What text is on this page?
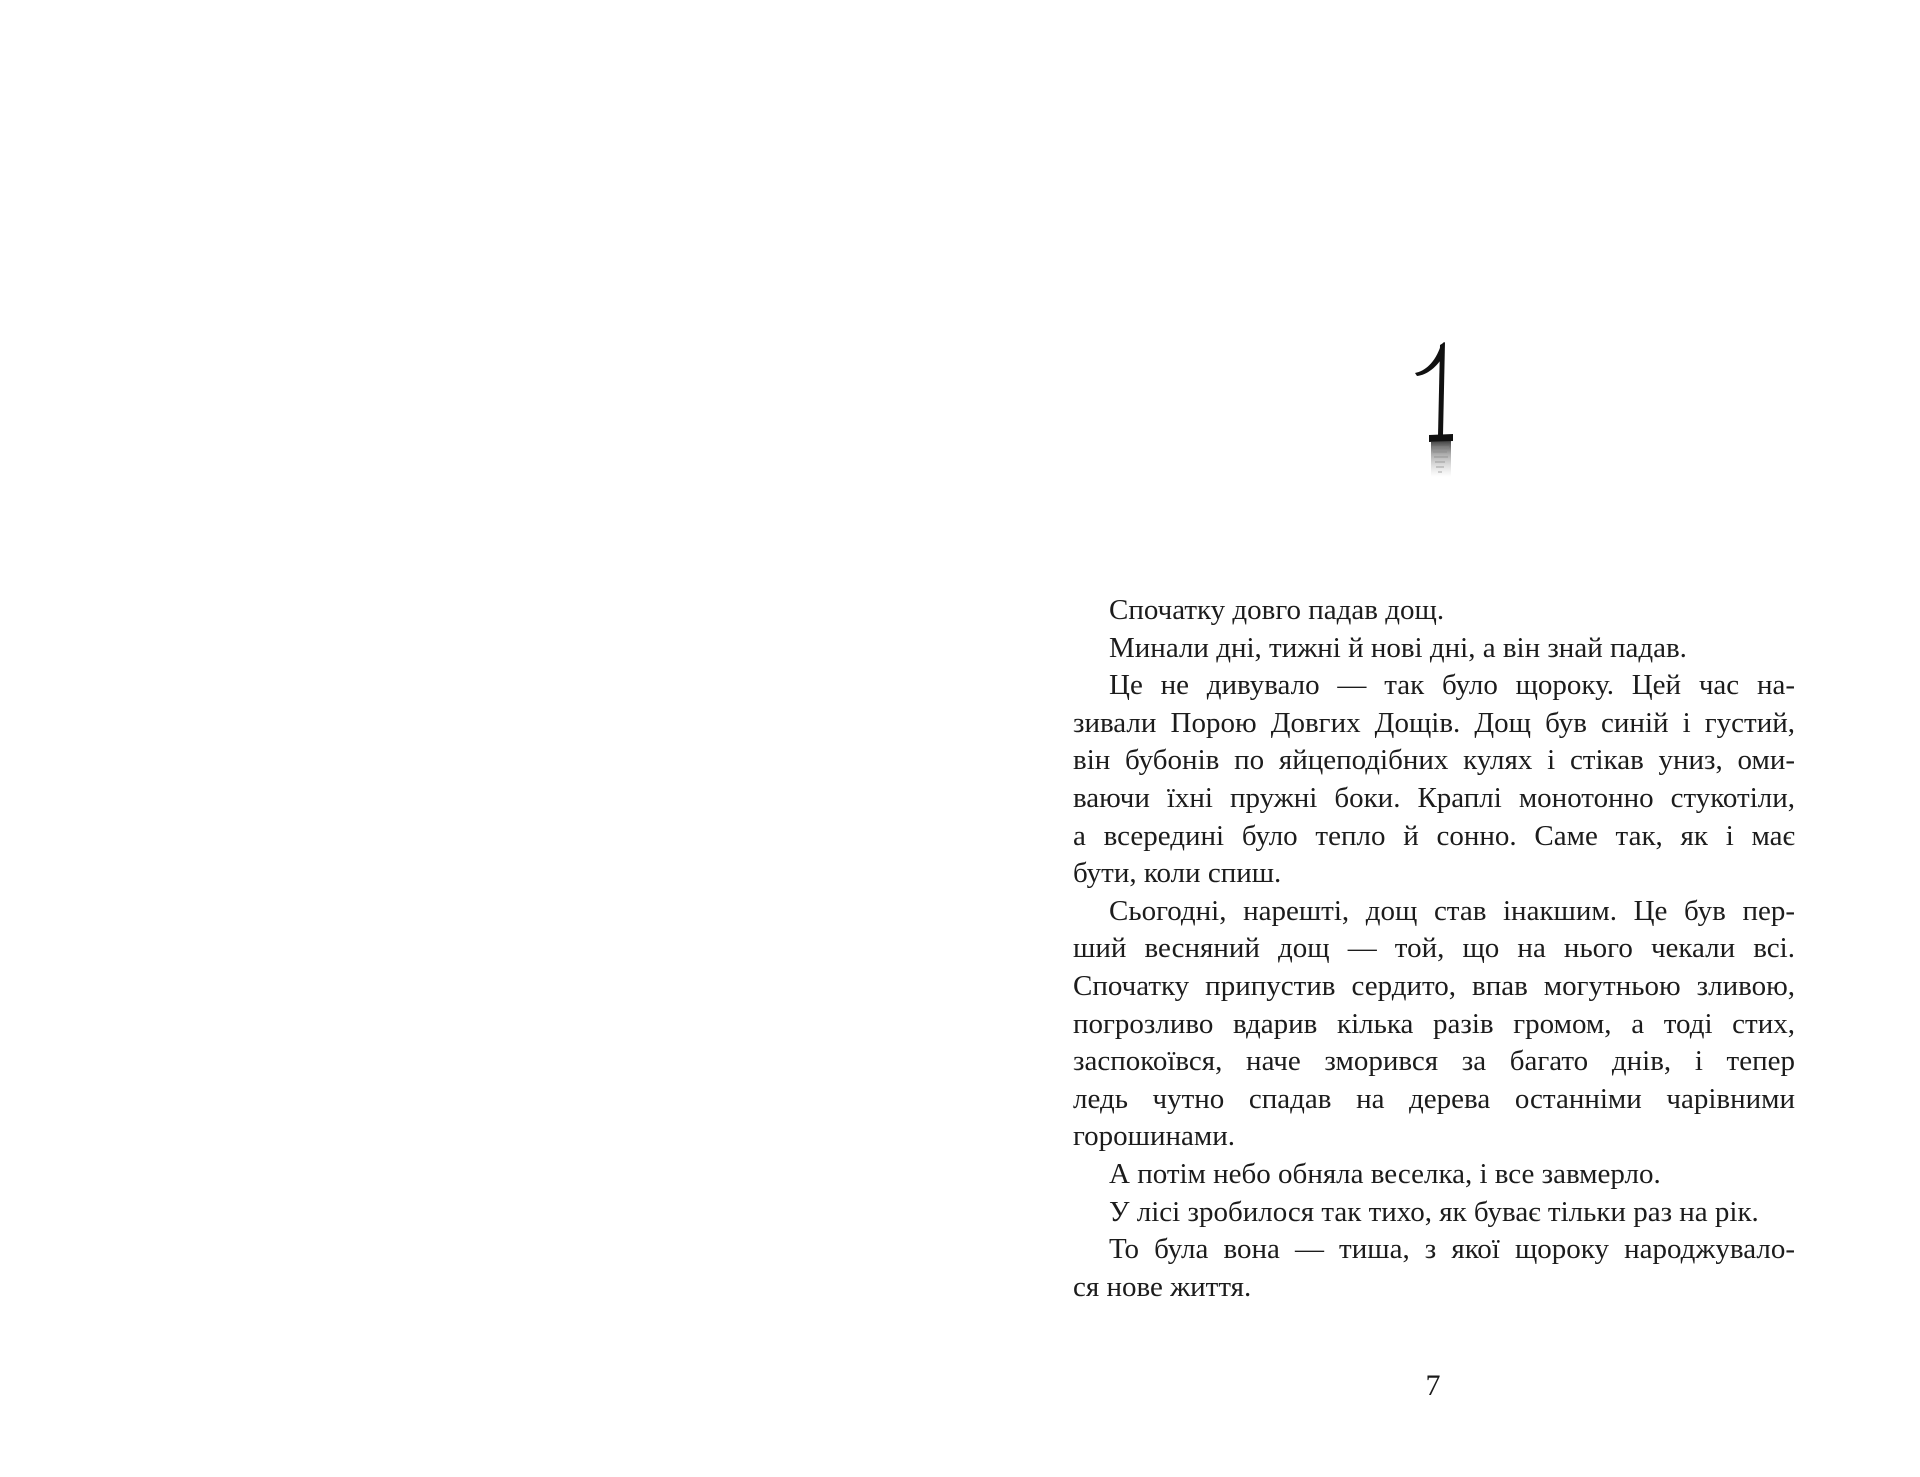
Спочатку довго падав дощ.
Минали дні, тижні й нові дні, а він знай падав.
Це не дивувало — так було щороку. Цей час на-
зивали Порою Довгих Дощів. Дощ був синій і густий,
він бубонів по яйцеподібних кулях і стікав униз, оми-
ваючи їхні пружні боки. Краплі монотонно стукотіли,
а всередині було тепло й сонно. Саме так, як і має
бути, коли спиш.
Сьогодні, нарешті, дощ став інакшим. Це був пер-
ший весняний дощ — той, що на нього чекали всі.
Спочатку припустив сердито, впав могутньою зливою,
погрозливо вдарив кілька разів громом, а тоді стих,
заспокоївся, наче зморився за багато днів, і тепер
ледь чутно спадав на дерева останніми чарівними
горошинами.
А потім небо обняла веселка, і все завмерло.
У лісі зробилося так тихо, як буває тільки раз на рік.
То була вона — тиша, з якої щороку народжувало-
ся нове життя.
7
